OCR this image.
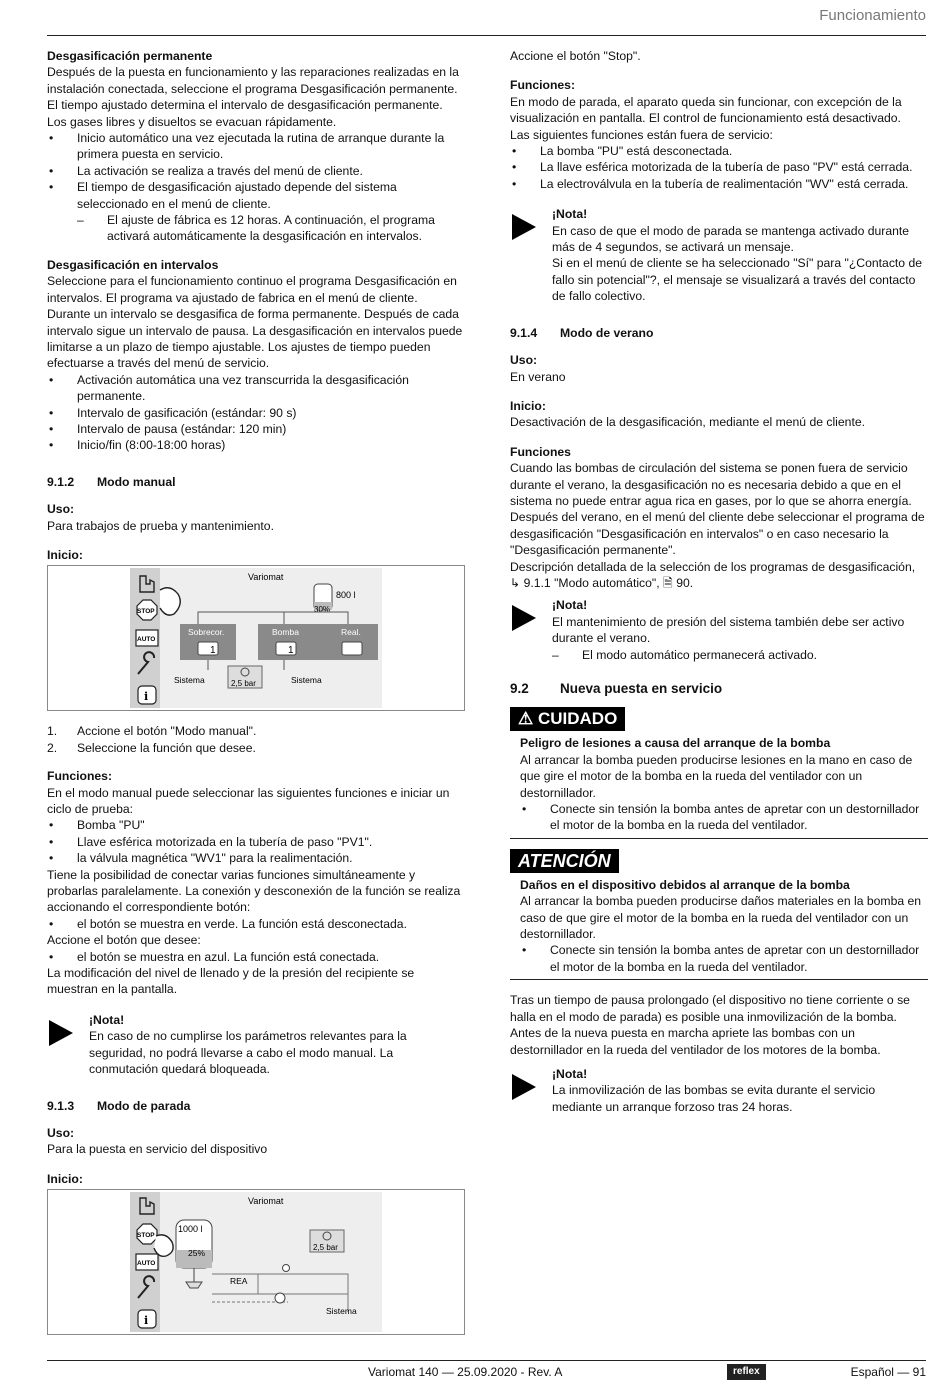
Funcionamiento

Desgasificación permanente

Después de la puesta en funcionamiento y las reparaciones realizadas en la instalación conectada, seleccione el programa Desgasificación permanente.

El tiempo ajustado determina el intervalo de desgasificación permanente. Los gases libres y disueltos se evacuan rápidamente.

• Inicio automático una vez ejecutada la rutina de arranque durante la primera puesta en servicio.
• La activación se realiza a través del menú de cliente.
• El tiempo de desgasificación ajustado depende del sistema seleccionado en el menú de cliente.
– El ajuste de fábrica es 12 horas. A continuación, el programa activará automáticamente la desgasificación en intervalos.

Desgasificación en intervalos

Seleccione para el funcionamiento continuo el programa Desgasificación en intervalos. El programa va ajustado de fabrica en el menú de cliente.

Durante un intervalo se desgasifica de forma permanente. Después de cada intervalo sigue un intervalo de pausa. La desgasificación en intervalos puede limitarse a un plazo de tiempo ajustable. Los ajustes de tiempo pueden efectuarse a través del menú de servicio.

• Activación automática una vez transcurrida la desgasificación permanente.
• Intervalo de gasificación (estándar: 90 s)
• Intervalo de pausa (estándar: 120 min)
• Inicio/fin (8:00-18:00 horas)

9.1.2 Modo manual

Uso:

Para trabajos de prueba y mantenimiento.

Inicio:

Variomat
STOP
AUTO
i
800 l
30%
Sobrecor.
1
Bomba	Real.
1
Sistema	Sistema
2,5 bar
1. Accione el botón "Modo manual".
2. Seleccione la función que desee.

Funciones:

En el modo manual puede seleccionar las siguientes funciones e iniciar un ciclo de prueba:

• Bomba "PU"
• Llave esférica motorizada en la tubería de paso "PV1".
• la válvula magnética "WV1" para la realimentación.

Tiene la posibilidad de conectar varias funciones simultáneamente y probarlas paralelamente. La conexión y desconexión de la función se realiza accionando el correspondiente botón:

• el botón se muestra en verde. La función está desconectada.

Accione el botón que desee:

• el botón se muestra en azul. La función está conectada.

La modificación del nivel de llenado y de la presión del recipiente se muestran en la pantalla.

¡Nota!

En caso de no cumplirse los parámetros relevantes para la seguridad, no podrá llevarse a cabo el modo manual. La conmutación quedará bloqueada.

9.1.3 Modo de parada

Uso:

Para la puesta en servicio del dispositivo

Inicio:

Variomat
STOP
AUTO
i
1000 l
25%
2,5 bar
REA
Sistema

Accione el botón "Stop".

Funciones:

En modo de parada, el aparato queda sin funcionar, con excepción de la visualización en pantalla. El control de funcionamiento está desactivado.

Las siguientes funciones están fuera de servicio:

• La bomba "PU" está desconectada.
• La llave esférica motorizada de la tubería de paso "PV" está cerrada.
• La electroválvula en la tubería de realimentación "WV" está cerrada.

¡Nota!

En caso de que el modo de parada se mantenga activado durante más de 4 segundos, se activará un mensaje.

Si en el menú de cliente se ha seleccionado "Sí" para "¿Contacto de fallo sin potencial"?, el mensaje se visualizará a través del contacto de fallo colectivo.

9.1.4 Modo de verano

Uso:

En verano

Inicio:

Desactivación de la desgasificación, mediante el menú de cliente.

Funciones

Cuando las bombas de circulación del sistema se ponen fuera de servicio durante el verano, la desgasificación no es necesaria debido a que en el sistema no puede entrar agua rica en gases, por lo que se ahorra energía.

Después del verano, en el menú del cliente debe seleccionar el programa de desgasificación "Desgasificación en intervalos" o en caso necesario la "Desgasificación permanente".

Descripción detallada de la selección de los programas de desgasificación,

↳ 9.1.1 "Modo automático", 🗎 90.

¡Nota!

El mantenimiento de presión del sistema también debe ser activo durante el verano.

– El modo automático permanecerá activado.

9.2 Nueva puesta en servicio

⚠ CUIDADO

Peligro de lesiones a causa del arranque de la bomba

Al arrancar la bomba pueden producirse lesiones en la mano en caso de que gire el motor de la bomba en la rueda del ventilador con un destornillador.

• Conecte sin tensión la bomba antes de apretar con un destornillador el motor de la bomba en la rueda del ventilador.
ATENCIÓN

Daños en el dispositivo debidos al arranque de la bomba

Al arrancar la bomba pueden producirse daños materiales en la bomba en caso de que gire el motor de la bomba en la rueda del ventilador con un destornillador.

• Conecte sin tensión la bomba antes de apretar con un destornillador el motor de la bomba en la rueda del ventilador.

Tras un tiempo de pausa prolongado (el dispositivo no tiene corriente o se halla en el modo de parada) es posible una inmovilización de la bomba. Antes de la nueva puesta en marcha apriete las bombas con un destornillador en la rueda del ventilador de los motores de la bomba.

¡Nota!

La inmovilización de las bombas se evita durante el servicio mediante un arranque forzoso tras 24 horas.

Variomat 140 — 25.09.2020 - Rev. A	reflex	Español — 91
